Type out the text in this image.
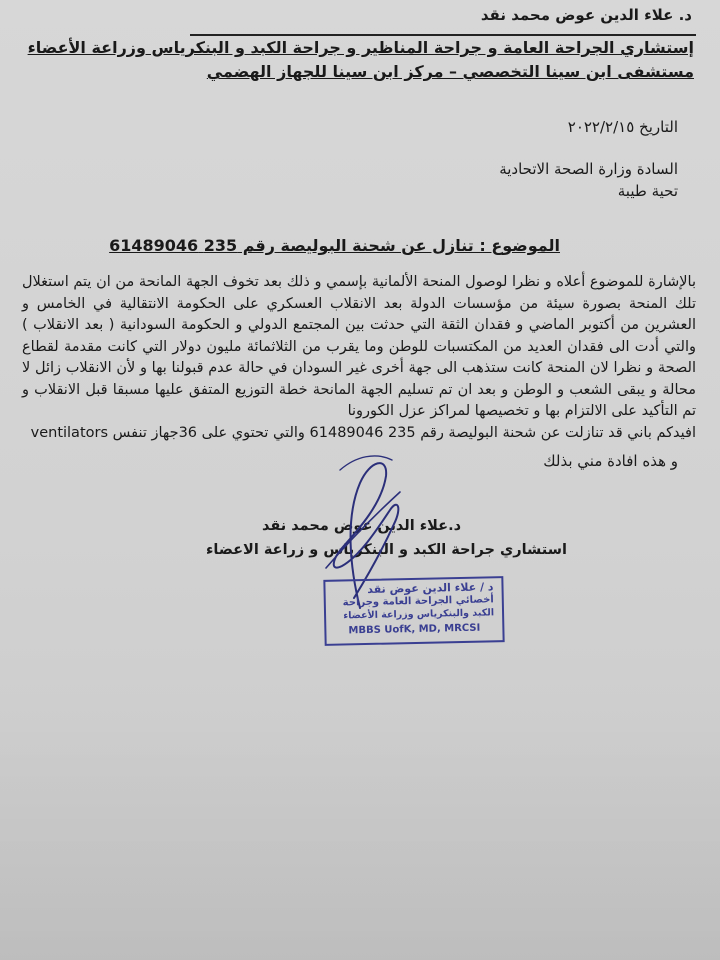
د. علاء الدين عوض محمد نقد
إستشاري الجراحة العامة و جراحة المناظير و جراحة الكبد و البنكرياس وزراعة الأعضاء
مستشفى ابن سينا التخصصي – مركز ابن سينا للجهاز الهضمي
التاريخ ٢٠٢٢/٢/١٥
السادة وزارة الصحة الاتحادية
تحية طيبة
الموضوع : تنازل عن شحنة البوليصة رقم 235 61489046

بالإشارة للموضوع أعلاه و نظرا لوصول المنحة الألمانية بإسمي و ذلك بعد تخوف الجهة المانحة من ان يتم استغلال تلك المنحة بصورة سيئة من مؤسسات الدولة بعد الانقلاب العسكري على الحكومة الانتقالية في الخامس و العشرين من أكتوبر الماضي و فقدان الثقة التي حدثت بين المجتمع الدولي و الحكومة السودانية ( بعد الانقلاب ) والتي أدت الى فقدان العديد من المكتسبات للوطن وما يقرب من الثلاثمائة مليون دولار التي كانت مقدمة لقطاع الصحة و نظرا لان المنحة كانت ستذهب الى جهة أخرى غير السودان في حالة عدم قبولنا بها و لأن الانقلاب زائل لا محالة و يبقى الشعب و الوطن و بعد ان تم تسليم الجهة المانحة خطة التوزيع المتفق عليها مسبقا قبل الانقلاب و تم التأكيد على الالتزام بها و تخصيصها لمراكز عزل الكورونا

افيدكم باني قد تنازلت عن شحنة البوليصة رقم 235 61489046 والتي تحتوي على 36جهاز تنفس ventilators

و هذه افادة مني بذلك
د.علاء الدين عوض محمد نقد
استشاري جراحة الكبد و البنكرياس و زراعة الاعضاء
د / علاء الدين عوض نقد
أخصائي الجراحة العامة وجراحة
الكبد والبنكرياس وزراعة الأعضاء
MBBS UofK, MD, MRCSI
